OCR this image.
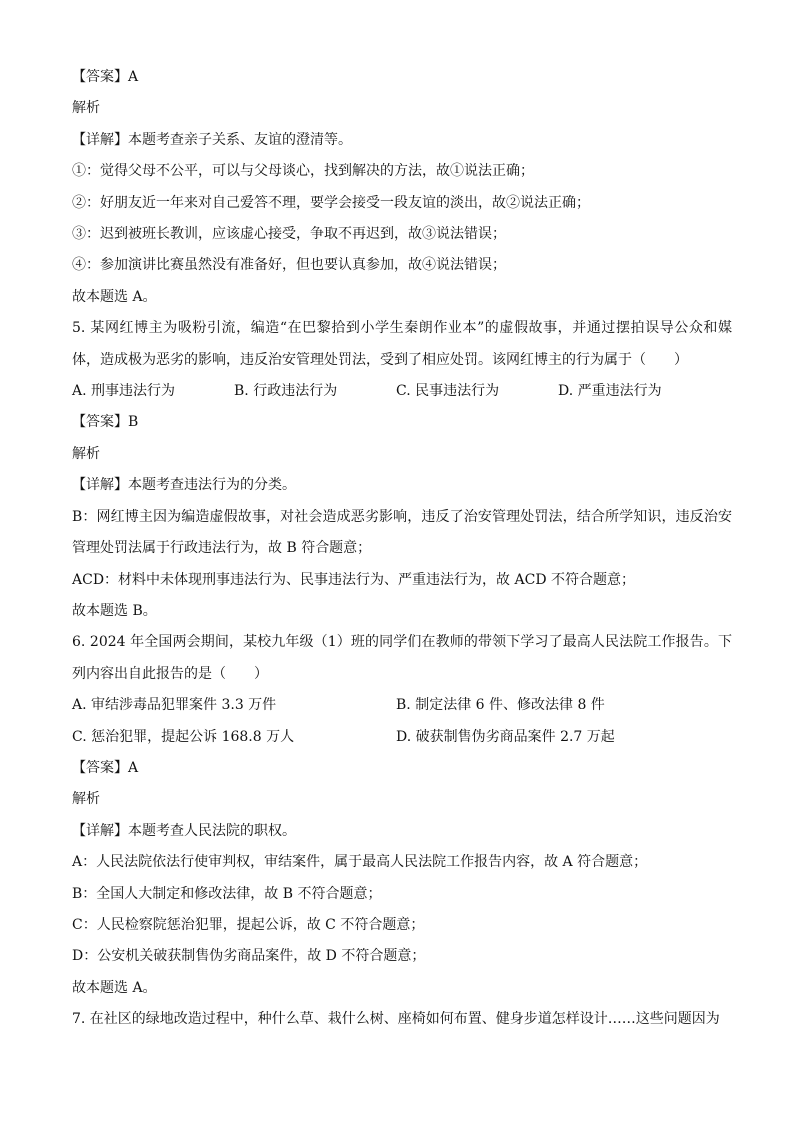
【答案】A
解析
【详解】本题考查亲子关系、友谊的澄清等。
①：觉得父母不公平，可以与父母谈心，找到解决的方法，故①说法正确；
②：好朋友近一年来对自己爱答不理，要学会接受一段友谊的淡出，故②说法正确；
③：迟到被班长教训，应该虚心接受，争取不再迟到，故③说法错误；
④：参加演讲比赛虽然没有准备好，但也要认真参加，故④说法错误；
故本题选 A。
5. 某网红博主为吸粉引流，编造“在巴黎拾到小学生秦朗作业本”的虚假故事，并通过摆拍误导公众和媒体，造成极为恶劣的影响，违反治安管理处罚法，受到了相应处罚。该网红博主的行为属于（　　）
A. 刑事违法行为	B. 行政违法行为	C. 民事违法行为	D. 严重违法行为
【答案】B
解析
【详解】本题考查违法行为的分类。
B：网红博主因为编造虚假故事，对社会造成恶劣影响，违反了治安管理处罚法，结合所学知识，违反治安管理处罚法属于行政违法行为，故 B 符合题意；
ACD：材料中未体现刑事违法行为、民事违法行为、严重违法行为，故 ACD 不符合题意；
故本题选 B。
6. 2024 年全国两会期间，某校九年级（1）班的同学们在教师的带领下学习了最高人民法院工作报告。下列内容出自此报告的是（　　）
A. 审结涉毒品犯罪案件 3.3 万件	B. 制定法律 6 件、修改法律 8 件
C. 惩治犯罪，提起公诉 168.8 万人	D. 破获制售伪劣商品案件 2.7 万起
【答案】A
解析
【详解】本题考查人民法院的职权。
A：人民法院依法行使审判权，审结案件，属于最高人民法院工作报告内容，故 A 符合题意；
B：全国人大制定和修改法律，故 B 不符合题意；
C：人民检察院惩治犯罪，提起公诉，故 C 不符合题意；
D：公安机关破获制售伪劣商品案件，故 D 不符合题意；
故本题选 A。
7. 在社区的绿地改造过程中，种什么草、栽什么树、座椅如何布置、健身步道怎样设计……这些问题因为
